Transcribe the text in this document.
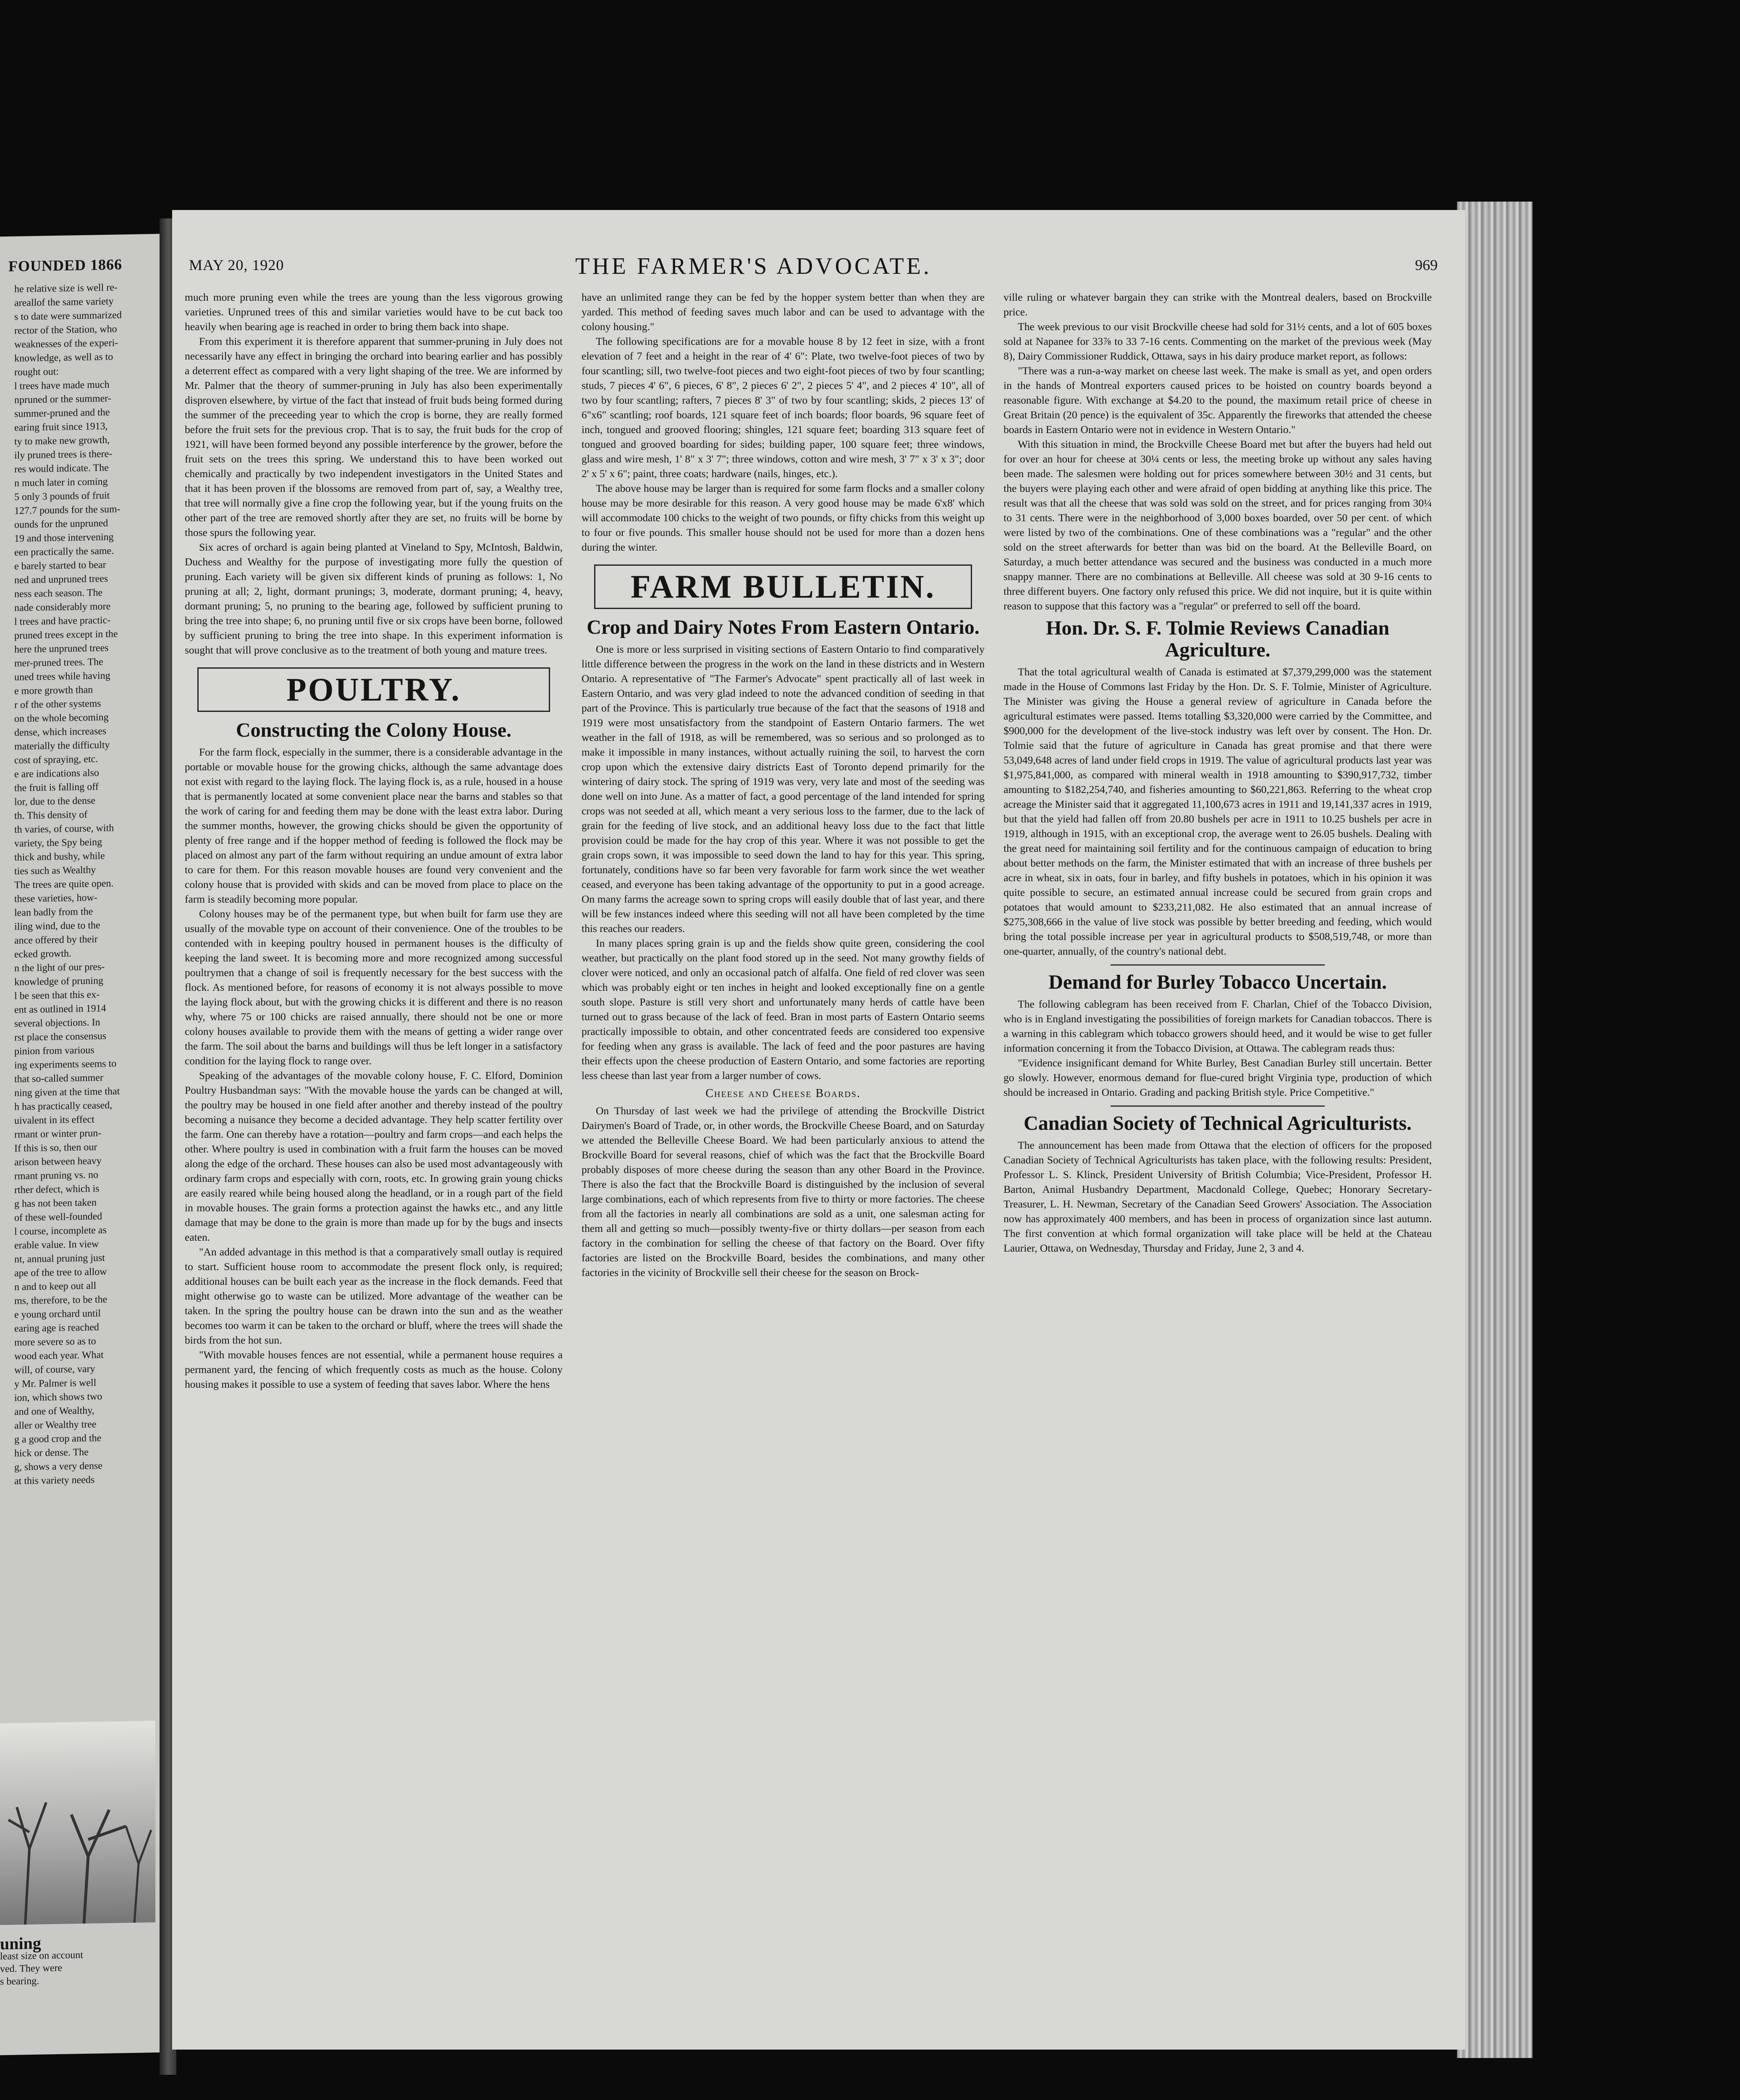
FOUNDED 1866

he relative size is well re-

areallof the same variety

s to date were summarized

rector of the Station, who

weaknesses of the experi-

knowledge, as well as to

rought out:

l trees have made much

npruned or the summer-

summer-pruned and the

earing fruit since 1913,

ty to make new growth,

ily pruned trees is there-

res would indicate. The

n much later in coming

5 only 3 pounds of fruit

127.7 pounds for the sum-

ounds for the unpruned

19 and those intervening

een practically the same.

e barely started to bear

ned and unpruned trees

ness each season. The

nade considerably more

l trees and have practic-

pruned trees except in the

here the unpruned trees

mer-pruned trees. The

uned trees while having

e more growth than

r of the other systems

on the whole becoming

dense, which increases

materially the difficulty

cost of spraying, etc.

e are indications also

the fruit is falling off

lor, due to the dense

th. This density of

th varies, of course, with

variety, the Spy being

thick and bushy, while

ties such as Wealthy

The trees are quite open.

these varieties, how-

lean badly from the

iling wind, due to the

ance offered by their

ecked growth.

n the light of our pres-

knowledge of pruning

l be seen that this ex-

ent as outlined in 1914

several objections. In

rst place the consensus

pinion from various

ing experiments seems to

that so-called summer

ning given at the time that

h has practically ceased,

uivalent in its effect

rmant or winter prun-

If this is so, then our

arison between heavy

rmant pruning vs. no

rther defect, which is

g has not been taken

of these well-founded

l course, incomplete as

erable value. In view

nt, annual pruning just

ape of the tree to allow

n and to keep out all

ms, therefore, to be the

e young orchard until

earing age is reached

more severe so as to

wood each year. What

will, of course, vary

y Mr. Palmer is well

ion, which shows two

and one of Wealthy,

aller or Wealthy tree

g a good crop and the

hick or dense. The

g, shows a very dense

at this variety needs

uning
least size on account
ved. They were
s bearing.
MAY 20, 1920	THE FARMER'S ADVOCATE.	969

much more pruning even while the trees are young than the less vigorous growing varieties. Unpruned trees of this and similar varieties would have to be cut back too heavily when bearing age is reached in order to bring them back into shape.

From this experiment it is therefore apparent that summer-pruning in July does not necessarily have any effect in bringing the orchard into bearing earlier and has possibly a deterrent effect as compared with a very light shaping of the tree. We are informed by Mr. Palmer that the theory of summer-pruning in July has also been experimentally disproven elsewhere, by virtue of the fact that instead of fruit buds being formed during the summer of the preceeding year to which the crop is borne, they are really formed before the fruit sets for the previous crop. That is to say, the fruit buds for the crop of 1921, will have been formed beyond any possible interference by the grower, before the fruit sets on the trees this spring. We understand this to have been worked out chemically and practically by two independent investigators in the United States and that it has been proven if the blossoms are removed from part of, say, a Wealthy tree, that tree will normally give a fine crop the following year, but if the young fruits on the other part of the tree are removed shortly after they are set, no fruits will be borne by those spurs the following year.

Six acres of orchard is again being planted at Vineland to Spy, McIntosh, Baldwin, Duchess and Wealthy for the purpose of investigating more fully the question of pruning. Each variety will be given six different kinds of pruning as follows: 1, No pruning at all; 2, light, dormant prunings; 3, moderate, dormant pruning; 4, heavy, dormant pruning; 5, no pruning to the bearing age, followed by sufficient pruning to bring the tree into shape; 6, no pruning until five or six crops have been borne, followed by sufficient pruning to bring the tree into shape. In this experiment information is sought that will prove conclusive as to the treatment of both young and mature trees.

POULTRY.
Constructing the Colony House.

For the farm flock, especially in the summer, there is a considerable advantage in the portable or movable house for the growing chicks, although the same advantage does not exist with regard to the laying flock. The laying flock is, as a rule, housed in a house that is permanently located at some convenient place near the barns and stables so that the work of caring for and feeding them may be done with the least extra labor. During the summer months, however, the growing chicks should be given the opportunity of plenty of free range and if the hopper method of feeding is followed the flock may be placed on almost any part of the farm without requiring an undue amount of extra labor to care for them. For this reason movable houses are found very convenient and the colony house that is provided with skids and can be moved from place to place on the farm is steadily becoming more popular.

Colony houses may be of the permanent type, but when built for farm use they are usually of the movable type on account of their convenience. One of the troubles to be contended with in keeping poultry housed in permanent houses is the difficulty of keeping the land sweet. It is becoming more and more recognized among successful poultrymen that a change of soil is frequently necessary for the best success with the flock. As mentioned before, for reasons of economy it is not always possible to move the laying flock about, but with the growing chicks it is different and there is no reason why, where 75 or 100 chicks are raised annually, there should not be one or more colony houses available to provide them with the means of getting a wider range over the farm. The soil about the barns and buildings will thus be left longer in a satisfactory condition for the laying flock to range over.

Speaking of the advantages of the movable colony house, F. C. Elford, Dominion Poultry Husbandman says: "With the movable house the yards can be changed at will, the poultry may be housed in one field after another and thereby instead of the poultry becoming a nuisance they become a decided advantage. They help scatter fertility over the farm. One can thereby have a rotation—poultry and farm crops—and each helps the other. Where poultry is used in combination with a fruit farm the houses can be moved along the edge of the orchard. These houses can also be used most advantageously with ordinary farm crops and especially with corn, roots, etc. In growing grain young chicks are easily reared while being housed along the headland, or in a rough part of the field in movable houses. The grain forms a protection against the hawks etc., and any little damage that may be done to the grain is more than made up for by the bugs and insects eaten.

"An added advantage in this method is that a comparatively small outlay is required to start. Sufficient house room to accommodate the present flock only, is required; additional houses can be built each year as the increase in the flock demands. Feed that might otherwise go to waste can be utilized. More advantage of the weather can be taken. In the spring the poultry house can be drawn into the sun and as the weather becomes too warm it can be taken to the orchard or bluff, where the trees will shade the birds from the hot sun.

"With movable houses fences are not essential, while a permanent house requires a permanent yard, the fencing of which frequently costs as much as the house. Colony housing makes it possible to use a system of feeding that saves labor. Where the hens

have an unlimited range they can be fed by the hopper system better than when they are yarded. This method of feeding saves much labor and can be used to advantage with the colony housing."

The following specifications are for a movable house 8 by 12 feet in size, with a front elevation of 7 feet and a height in the rear of 4' 6": Plate, two twelve-foot pieces of two by four scantling; sill, two twelve-foot pieces and two eight-foot pieces of two by four scantling; studs, 7 pieces 4' 6", 6 pieces, 6' 8", 2 pieces 6' 2", 2 pieces 5' 4", and 2 pieces 4' 10", all of two by four scantling; rafters, 7 pieces 8' 3" of two by four scantling; skids, 2 pieces 13' of 6"x6" scantling; roof boards, 121 square feet of inch boards; floor boards, 96 square feet of inch, tongued and grooved flooring; shingles, 121 square feet; boarding 313 square feet of tongued and grooved boarding for sides; building paper, 100 square feet; three windows, glass and wire mesh, 1' 8" x 3' 7"; three windows, cotton and wire mesh, 3' 7" x 3' x 3"; door 2' x 5' x 6"; paint, three coats; hardware (nails, hinges, etc.).

The above house may be larger than is required for some farm flocks and a smaller colony house may be more desirable for this reason. A very good house may be made 6'x8' which will accommodate 100 chicks to the weight of two pounds, or fifty chicks from this weight up to four or five pounds. This smaller house should not be used for more than a dozen hens during the winter.

FARM BULLETIN.
Crop and Dairy Notes From Eastern Ontario.

One is more or less surprised in visiting sections of Eastern Ontario to find comparatively little difference between the progress in the work on the land in these districts and in Western Ontario. A representative of "The Farmer's Advocate" spent practically all of last week in Eastern Ontario, and was very glad indeed to note the advanced condition of seeding in that part of the Province. This is particularly true because of the fact that the seasons of 1918 and 1919 were most unsatisfactory from the standpoint of Eastern Ontario farmers. The wet weather in the fall of 1918, as will be remembered, was so serious and so prolonged as to make it impossible in many instances, without actually ruining the soil, to harvest the corn crop upon which the extensive dairy districts East of Toronto depend primarily for the wintering of dairy stock. The spring of 1919 was very, very late and most of the seeding was done well on into June. As a matter of fact, a good percentage of the land intended for spring crops was not seeded at all, which meant a very serious loss to the farmer, due to the lack of grain for the feeding of live stock, and an additional heavy loss due to the fact that little provision could be made for the hay crop of this year. Where it was not possible to get the grain crops sown, it was impossible to seed down the land to hay for this year. This spring, fortunately, conditions have so far been very favorable for farm work since the wet weather ceased, and everyone has been taking advantage of the opportunity to put in a good acreage. On many farms the acreage sown to spring crops will easily double that of last year, and there will be few instances indeed where this seeding will not all have been completed by the time this reaches our readers.

In many places spring grain is up and the fields show quite green, considering the cool weather, but practically on the plant food stored up in the seed. Not many growthy fields of clover were noticed, and only an occasional patch of alfalfa. One field of red clover was seen which was probably eight or ten inches in height and looked exceptionally fine on a gentle south slope. Pasture is still very short and unfortunately many herds of cattle have been turned out to grass because of the lack of feed. Bran in most parts of Eastern Ontario seems practically impossible to obtain, and other concentrated feeds are considered too expensive for feeding when any grass is available. The lack of feed and the poor pastures are having their effects upon the cheese production of Eastern Ontario, and some factories are reporting less cheese than last year from a larger number of cows.

Cheese and Cheese Boards.

On Thursday of last week we had the privilege of attending the Brockville District Dairymen's Board of Trade, or, in other words, the Brockville Cheese Board, and on Saturday we attended the Belleville Cheese Board. We had been particularly anxious to attend the Brockville Board for several reasons, chief of which was the fact that the Brockville Board probably disposes of more cheese during the season than any other Board in the Province. There is also the fact that the Brockville Board is distinguished by the inclusion of several large combinations, each of which represents from five to thirty or more factories. The cheese from all the factories in nearly all combinations are sold as a unit, one salesman acting for them all and getting so much—possibly twenty-five or thirty dollars—per season from each factory in the combination for selling the cheese of that factory on the Board. Over fifty factories are listed on the Brockville Board, besides the combinations, and many other factories in the vicinity of Brockville sell their cheese for the season on Brock-

ville ruling or whatever bargain they can strike with the Montreal dealers, based on Brockville price.

The week previous to our visit Brockville cheese had sold for 31½ cents, and a lot of 605 boxes sold at Napanee for 33⅞ to 33 7-16 cents. Commenting on the market of the previous week (May 8), Dairy Commissioner Ruddick, Ottawa, says in his dairy produce market report, as follows:

"There was a run-a-way market on cheese last week. The make is small as yet, and open orders in the hands of Montreal exporters caused prices to be hoisted on country boards beyond a reasonable figure. With exchange at $4.20 to the pound, the maximum retail price of cheese in Great Britain (20 pence) is the equivalent of 35c. Apparently the fireworks that attended the cheese boards in Eastern Ontario were not in evidence in Western Ontario."

With this situation in mind, the Brockville Cheese Board met but after the buyers had held out for over an hour for cheese at 30¼ cents or less, the meeting broke up without any sales having been made. The salesmen were holding out for prices somewhere between 30½ and 31 cents, but the buyers were playing each other and were afraid of open bidding at anything like this price. The result was that all the cheese that was sold was sold on the street, and for prices ranging from 30¼ to 31 cents. There were in the neighborhood of 3,000 boxes boarded, over 50 per cent. of which were listed by two of the combinations. One of these combinations was a "regular" and the other sold on the street afterwards for better than was bid on the board. At the Belleville Board, on Saturday, a much better attendance was secured and the business was conducted in a much more snappy manner. There are no combinations at Belleville. All cheese was sold at 30 9-16 cents to three different buyers. One factory only refused this price. We did not inquire, but it is quite within reason to suppose that this factory was a "regular" or preferred to sell off the board.

Hon. Dr. S. F. Tolmie Reviews Canadian Agriculture.

That the total agricultural wealth of Canada is estimated at $7,379,299,000 was the statement made in the House of Commons last Friday by the Hon. Dr. S. F. Tolmie, Minister of Agriculture. The Minister was giving the House a general review of agriculture in Canada before the agricultural estimates were passed. Items totalling $3,320,000 were carried by the Committee, and $900,000 for the development of the live-stock industry was left over by consent. The Hon. Dr. Tolmie said that the future of agriculture in Canada has great promise and that there were 53,049,648 acres of land under field crops in 1919. The value of agricultural products last year was $1,975,841,000, as compared with mineral wealth in 1918 amounting to $390,917,732, timber amounting to $182,254,740, and fisheries amounting to $60,221,863. Referring to the wheat crop acreage the Minister said that it aggregated 11,100,673 acres in 1911 and 19,141,337 acres in 1919, but that the yield had fallen off from 20.80 bushels per acre in 1911 to 10.25 bushels per acre in 1919, although in 1915, with an exceptional crop, the average went to 26.05 bushels. Dealing with the great need for maintaining soil fertility and for the continuous campaign of education to bring about better methods on the farm, the Minister estimated that with an increase of three bushels per acre in wheat, six in oats, four in barley, and fifty bushels in potatoes, which in his opinion it was quite possible to secure, an estimated annual increase could be secured from grain crops and potatoes that would amount to $233,211,082. He also estimated that an annual increase of $275,308,666 in the value of live stock was possible by better breeding and feeding, which would bring the total possible increase per year in agricultural products to $508,519,748, or more than one-quarter, annually, of the country's national debt.

Demand for Burley Tobacco Uncertain.

The following cablegram has been received from F. Charlan, Chief of the Tobacco Division, who is in England investigating the possibilities of foreign markets for Canadian tobaccos. There is a warning in this cablegram which tobacco growers should heed, and it would be wise to get fuller information concerning it from the Tobacco Division, at Ottawa. The cablegram reads thus:

"Evidence insignificant demand for White Burley, Best Canadian Burley still uncertain. Better go slowly. However, enormous demand for flue-cured bright Virginia type, production of which should be increased in Ontario. Grading and packing British style. Price Competitive."

Canadian Society of Technical Agriculturists.

The announcement has been made from Ottawa that the election of officers for the proposed Canadian Society of Technical Agriculturists has taken place, with the following results: President, Professor L. S. Klinck, President University of British Columbia; Vice-President, Professor H. Barton, Animal Husbandry Department, Macdonald College, Quebec; Honorary Secretary-Treasurer, L. H. Newman, Secretary of the Canadian Seed Growers' Association. The Association now has approximately 400 members, and has been in process of organization since last autumn. The first convention at which formal organization will take place will be held at the Chateau Laurier, Ottawa, on Wednesday, Thursday and Friday, June 2, 3 and 4.
